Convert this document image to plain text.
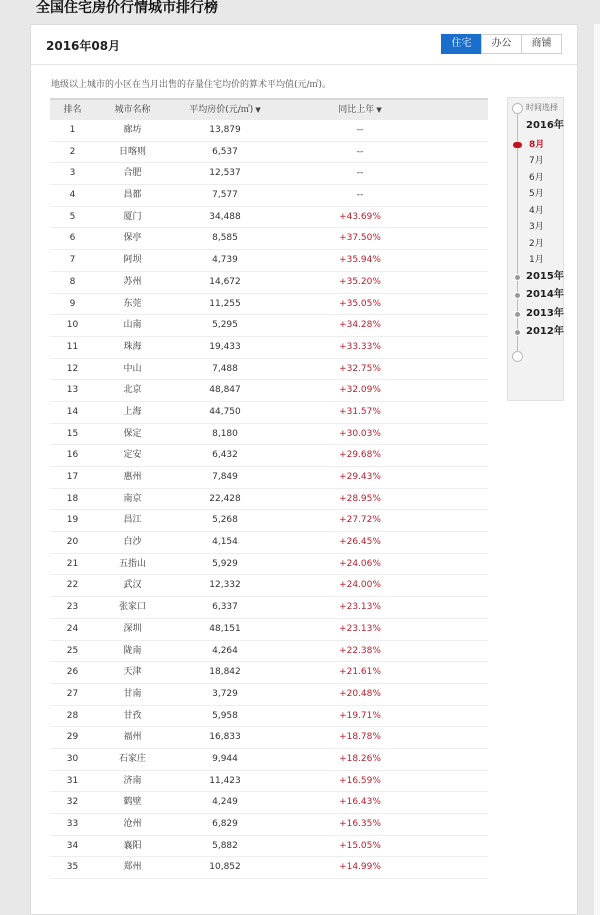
全国住宅房价行情城市排行榜
2016年08月	住宅	办公	商铺
地级以上城市的小区在当月出售的存量住宅均价的算术平均值(元/㎡)。
排名	城市名称	平均房价(元/㎡) ▼	同比上年 ▼
1	廊坊	13,879	--
2	日喀则	6,537	--
3	合肥	12,537	--
4	昌都	7,577	--
5	厦门	34,488	+43.69%
6	保亭	8,585	+37.50%
7	阿坝	4,739	+35.94%
8	苏州	14,672	+35.20%
9	东莞	11,255	+35.05%
10	山南	5,295	+34.28%
11	珠海	19,433	+33.33%
12	中山	7,488	+32.75%
13	北京	48,847	+32.09%
14	上海	44,750	+31.57%
15	保定	8,180	+30.03%
16	定安	6,432	+29.68%
17	惠州	7,849	+29.43%
18	南京	22,428	+28.95%
19	昌江	5,268	+27.72%
20	白沙	4,154	+26.45%
21	五指山	5,929	+24.06%
22	武汉	12,332	+24.00%
23	张家口	6,337	+23.13%
24	深圳	48,151	+23.13%
25	陇南	4,264	+22.38%
26	天津	18,842	+21.61%
27	甘南	3,729	+20.48%
28	甘孜	5,958	+19.71%
29	福州	16,833	+18.78%
30	石家庄	9,944	+18.26%
31	济南	11,423	+16.59%
32	鹤壁	4,249	+16.43%
33	沧州	6,829	+16.35%
34	襄阳	5,882	+15.05%
35	郑州	10,852	+14.99%
时间选择
2016年
8月
7月
6月
5月
4月
3月
2月
1月
2015年
2014年
2013年
2012年
